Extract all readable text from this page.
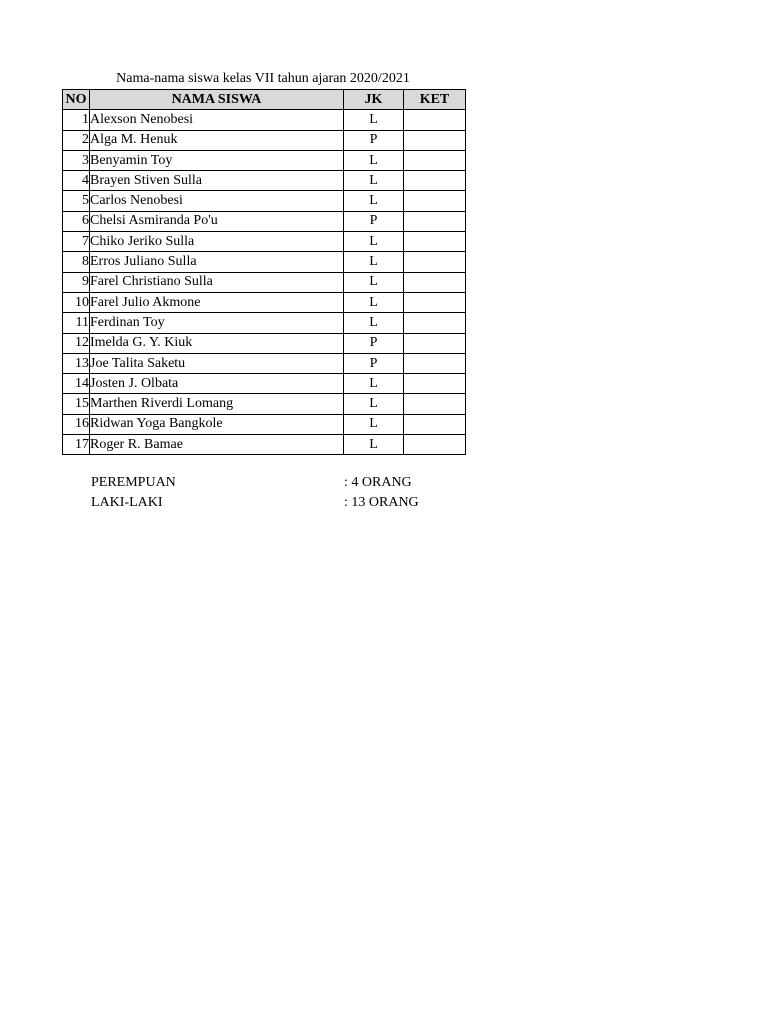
Nama-nama siswa kelas VII tahun ajaran 2020/2021
NO	NAMA SISWA	JK	KET
1	Alexson Nenobesi	L	
2	Alga M. Henuk	P	
3	Benyamin Toy	L	
4	Brayen Stiven Sulla	L	
5	Carlos Nenobesi	L	
6	Chelsi Asmiranda Po'u	P	
7	Chiko Jeriko Sulla	L	
8	Erros Juliano Sulla	L	
9	Farel Christiano Sulla	L	
10	Farel Julio Akmone	L	
11	Ferdinan Toy	L	
12	Imelda G. Y. Kiuk	P	
13	Joe Talita Saketu	P	
14	Josten J. Olbata	L	
15	Marthen Riverdi Lomang	L	
16	Ridwan Yoga Bangkole	L	
17	Roger R. Bamae	L	
PEREMPUAN	: 4 ORANG
LAKI-LAKI	: 13 ORANG
